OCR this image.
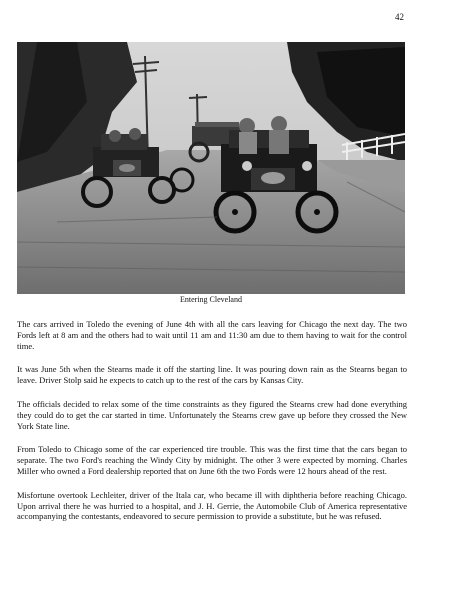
42
Entering Cleveland

The cars arrived in Toledo the evening of June 4th with all the cars leaving for Chicago the next day. The two Fords left at 8 am and the others had to wait until 11 am and 11:30 am due to them having to wait for the control time.

It was June 5th when the Stearns made it off the starting line. It was pouring down rain as the Stearns began to leave. Driver Stolp said he expects to catch up to the rest of the cars by Kansas City.

The officials decided to relax some of the time constraints as they figured the Stearns crew had done everything they could do to get the car started in time. Unfortunately the Stearns crew gave up before they crossed the New York State line.

From Toledo to Chicago some of the car experienced tire trouble. This was the first time that the cars began to separate. The two Ford's reaching the Windy City by midnight. The other 3 were expected by morning. Charles Miller who owned a Ford dealership reported that on June 6th the two Fords were 12 hours ahead of the rest.

Misfortune overtook Lechleiter, driver of the Itala car, who became ill with diphtheria before reaching Chicago. Upon arrival there he was hurried to a hospital, and J. H. Gerrie, the Automobile Club of America representative accompanying the contestants, endeavored to secure permission to provide a substitute, but he was refused.
